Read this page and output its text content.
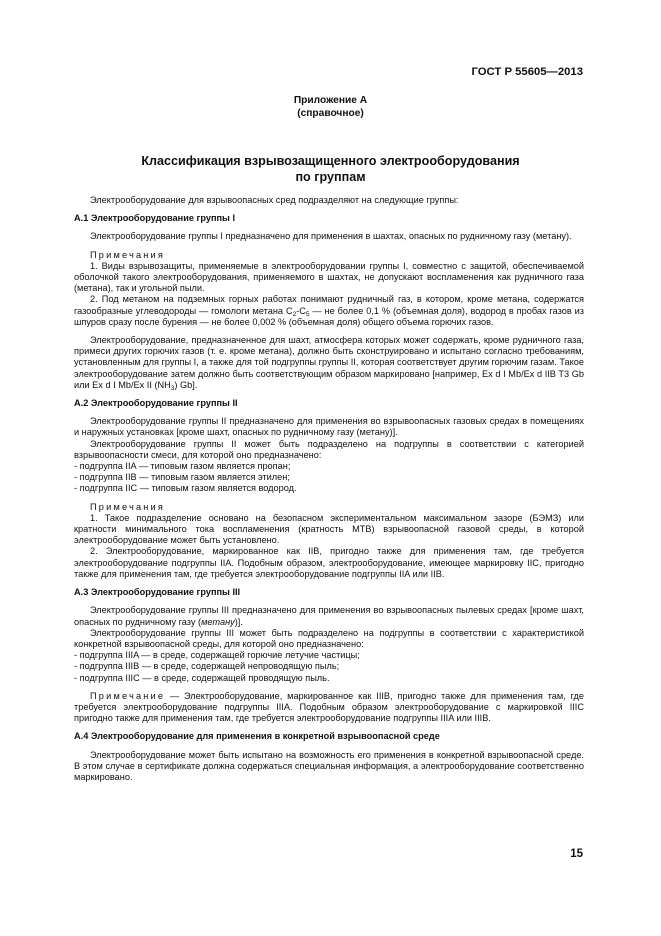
ГОСТ Р 55605—2013
Приложение А
(справочное)
Классификация взрывозащищенного электрооборудования
по группам

Электрооборудование для взрывоопасных сред подразделяют на следующие группы:

А.1 Электрооборудование группы I

Электрооборудование группы I предназначено для применения в шахтах, опасных по рудничному газу (метану).

Примечания

1. Виды взрывозащиты, применяемые в электрооборудовании группы I, совместно с защитой, обеспечиваемой оболочкой такого электрооборудования, применяемого в шахтах, не допускают воспламенения как рудничного газа (метана), так и угольной пыли.

2. Под метаном на подземных горных работах понимают рудничный газ, в котором, кроме метана, содержатся газообразные углеводороды — гомологи метана $С_2-С_5$ — не более 0,1 % (объемная доля), водород в пробах газов из шпуров сразу после бурения — не более 0,002 % (объемная доля) общего объема горючих газов.

Электрооборудование, предназначенное для шахт, атмосфера которых может содержать, кроме рудничного газа, примеси других горючих газов (т. е. кроме метана), должно быть сконструировано и испытано согласно требованиям, установленным для группы I, а также для той подгруппы группы II, которая соответствует другим горючим газам. Такое электрооборудование затем должно быть соответствующим образом маркировано [например, Ex d I Mb/Ex d IIB T3 Gb или Ex d I Mb/Ex II $(NH_3)$ Gb].

А.2 Электрооборудование группы II

Электрооборудование группы II предназначено для применения во взрывоопасных газовых средах в помещениях и наружных установках [кроме шахт, опасных по рудничному газу (метану)].

Электрооборудование группы II может быть подразделено на подгруппы в соответствии с категорией взрывоопасности смеси, для которой оно предназначено:

- подгруппа IIA — типовым газом является пропан;

- подгруппа IIB — типовым газом является этилен;

- подгруппа IIC — типовым газом является водород.

Примечания

1. Такое подразделение основано на безопасном экспериментальном максимальном зазоре (БЭМЗ) или кратности минимального тока воспламенения (кратность МТВ) взрывоопасной газовой среды, в которой электрооборудование может быть установлено.

2. Электрооборудование, маркированное как IIB, пригодно также для применения там, где требуется электрооборудование подгруппы IIA. Подобным образом, электрооборудование, имеющее маркировку IIC, пригодно также для применения там, где требуется электрооборудование подгруппы IIA или IIB.

А.3 Электрооборудование группы III

Электрооборудование группы III предназначено для применения во взрывоопасных пылевых средах [кроме шахт, опасных по рудничному газу (метану)].

Электрооборудование группы III может быть подразделено на подгруппы в соответствии с характеристикой конкретной взрывоопасной среды, для которой оно предназначено:

- подгруппа IIIA — в среде, содержащей горючие летучие частицы;

- подгруппа IIIB — в среде, содержащей непроводящую пыль;

- подгруппа IIIC — в среде, содержащей проводящую пыль.

Примечание — Электрооборудование, маркированное как IIIB, пригодно также для применения там, где требуется электрооборудование подгруппы IIIA. Подобным образом электрооборудование с маркировкой IIIC пригодно также для применения там, где требуется электрооборудование подгруппы IIIA или IIIB.

А.4 Электрооборудование для применения в конкретной взрывоопасной среде

Электрооборудование может быть испытано на возможность его применения в конкретной взрывоопасной среде. В этом случае в сертификате должна содержаться специальная информация, а электрооборудование соответственно маркировано.

15
